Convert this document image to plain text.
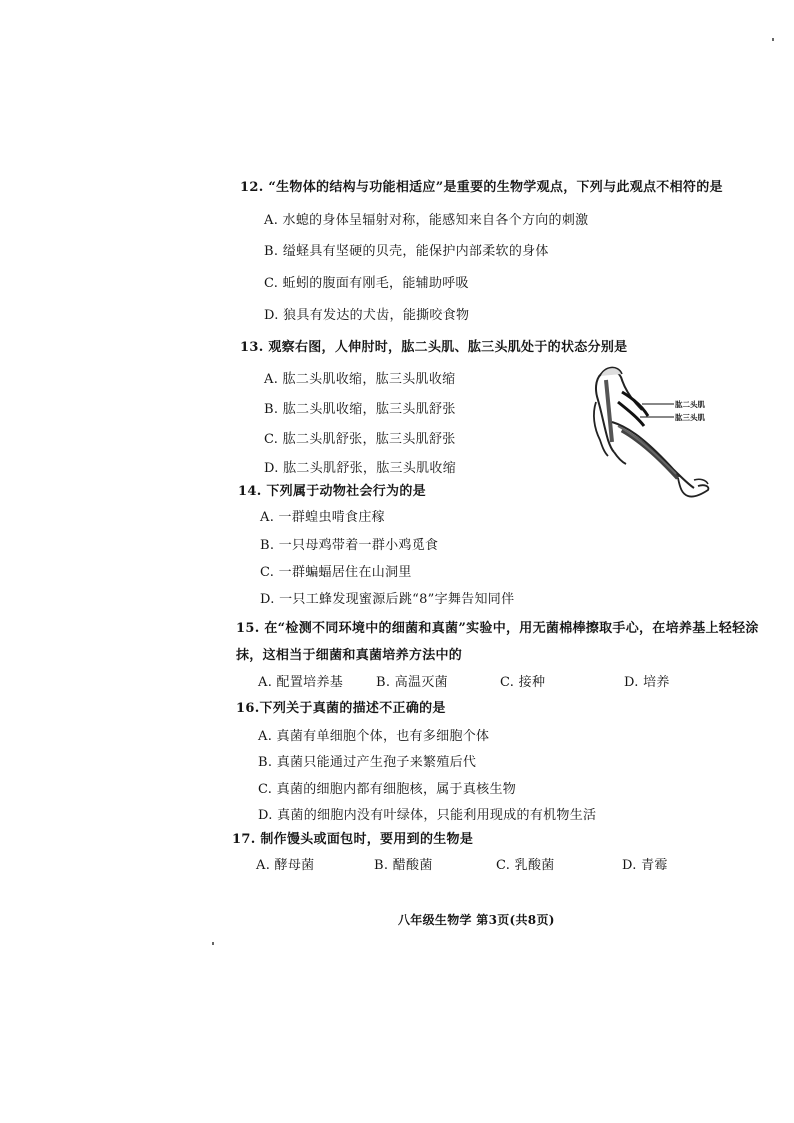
12. “生物体的结构与功能相适应”是重要的生物学观点，下列与此观点不相符的是
A. 水螅的身体呈辐射对称，能感知来自各个方向的刺激
B. 缢蛏具有坚硬的贝壳，能保护内部柔软的身体
C. 蚯蚓的腹面有刚毛，能辅助呼吸
D. 狼具有发达的犬齿，能撕咬食物
13. 观察右图，人伸肘时，肱二头肌、肱三头肌处于的状态分别是
A. 肱二头肌收缩，肱三头肌收缩
B. 肱二头肌收缩，肱三头肌舒张
C. 肱二头肌舒张，肱三头肌舒张
D. 肱二头肌舒张，肱三头肌收缩
肱二头肌
肱三头肌
14. 下列属于动物社会行为的是
A. 一群蝗虫啃食庄稼
B. 一只母鸡带着一群小鸡觅食
C. 一群蝙蝠居住在山洞里
D. 一只工蜂发现蜜源后跳“8”字舞告知同伴
15. 在“检测不同环境中的细菌和真菌”实验中，用无菌棉棒擦取手心，在培养基上轻轻涂
抹，这相当于细菌和真菌培养方法中的
A. 配置培养基	B. 高温灭菌	C. 接种	D. 培养
16.下列关于真菌的描述不正确的是
A. 真菌有单细胞个体，也有多细胞个体
B. 真菌只能通过产生孢子来繁殖后代
C. 真菌的细胞内都有细胞核，属于真核生物
D. 真菌的细胞内没有叶绿体，只能利用现成的有机物生活
17. 制作馒头或面包时，要用到的生物是
A. 酵母菌	B. 醋酸菌	C. 乳酸菌	D. 青霉
八年级生物学 第3页(共8页)
